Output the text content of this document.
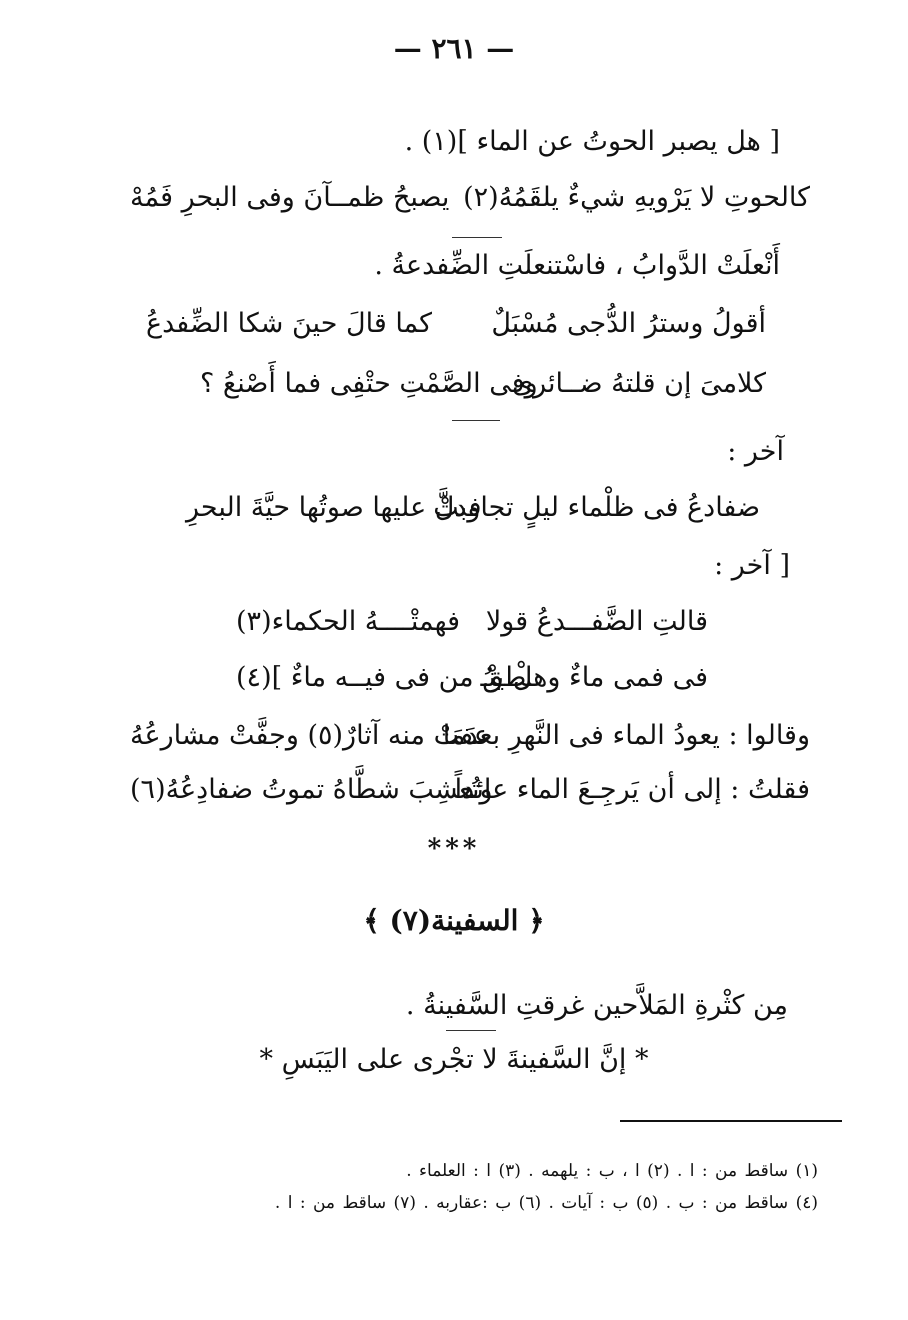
— ٢٦١ —
[ هل يصبر الحوتُ عن الماء ](١) .
كالحوتِ لا يَرْويهِ شيءٌ يلقَمُهُ(٢)
يصبحُ ظمــآنَ وفى البحرِ فَمُهْ
أَنْعلَتْ الدَّوابُ ، فاسْتنعلَتِ الضِّفدعةُ .
أقولُ وسترُ الدُّجى مُسْبَلٌ
كما قالَ حينَ شكا الضِّفدعُ
كلامىَ إن قلتهُ ضــائرى
وفى الصَّمْتِ حتْفِى فما أَصْنعُ ؟
آخر :
ضفادعُ فى ظلْماء ليلٍ تجاوبتْ
فدلَّ عليها صوتُها حيَّةَ البحرِ
[ آخر :
قالتِ الضَّفـــدعُ قولا
فهمتْــــهُ الحكماء(٣)
فى فمى ماءٌ وهلْ ينْـ
ـطقُ من فى فيــه ماءٌ ](٤)
وقالوا : يعودُ الماء فى النَّهرِ بعدَمَا
عفتْ منه آثارٌ(٥) وجفَّتْ مشارعُهُ
فقلتُ : إلى أن يَرجِـعَ الماء عائداً
وتُعشِبَ شطَّاهُ تموتُ ضفادِعُهُ(٦)
***
﴿ السفينة(٧) ﴾
مِن كثْرةِ المَلاَّحين غرقتِ السَّفينةُ .
* إنَّ السَّفينةَ لا تجْرى على اليَبَسِ *
(١) ساقط من : ا . (٢) ا ، ب : يلهمه . (٣) ا : العلماء .
(٤) ساقط من : ب . (٥) ب : آيات . (٦) ب :عقاربه . (٧) ساقط من : ا .
